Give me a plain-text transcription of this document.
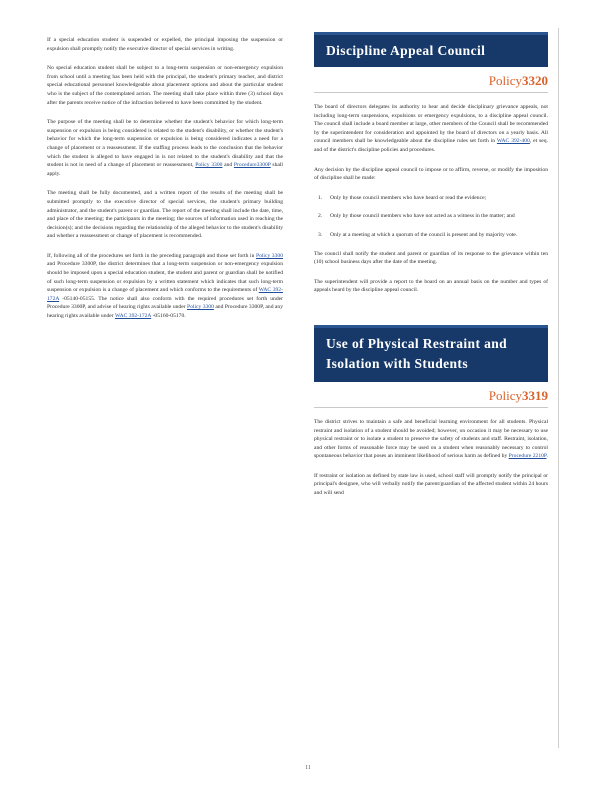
If a special education student is suspended or expelled, the principal imposing the suspension or expulsion shall promptly notify the executive director of special services in writing.

No special education student shall be subject to a long-term suspension or non-emergency expulsion from school until a meeting has been held with the principal, the student's primary teacher, and district special educational personnel knowledgeable about placement options and about the particular student who is the subject of the contemplated action. The meeting shall take place within three (3) school days after the parents receive notice of the infraction believed to have been committed by the student.

The purpose of the meeting shall be to determine whether the student's behavior for which long-term suspension or expulsion is being considered is related to the student's disability, or whether the student's behavior for which the long-term suspension or expulsion is being considered indicates a need for a change of placement or a reassessment. If the staffing process leads to the conclusion that the behavior which the student is alleged to have engaged in is not related to the student's disability and that the student is not in need of a change of placement or reassessment, Policy 3300 and Procedure3300P shall apply.

The meeting shall be fully documented, and a written report of the results of the meeting shall be submitted promptly to the executive director of special services, the student's primary building administrator, and the student's parent or guardian. The report of the meeting shall include the date, time, and place of the meeting; the participants in the meeting; the sources of information used in reaching the decision(s); and the decisions regarding the relationship of the alleged behavior to the student's disability and whether a reassessment or change of placement is recommended.

If, following all of the procedures set forth in the preceding paragraph and those set forth in Policy 3300 and Procedure 3300P, the district determines that a long-term suspension or non-emergency expulsion should be imposed upon a special education student, the student and parent or guardian shall be notified of such long-term suspension or expulsion by a written statement which indicates that such long-term suspension or expulsion is a change of placement and which conforms to the requirements of WAC 392-172A -05140-05155. The notice shall also conform with the required procedures set forth under Procedure 3300P, and advise of hearing rights available under Policy 3300 and Procedure 3300P, and any hearing rights available under WAC 392-172A -05160-05170.

Discipline Appeal Council
Policy3320

The board of directors delegates its authority to hear and decide disciplinary grievance appeals, not including long-term suspensions, expulsions or emergency expulsions, to a discipline appeal council. The council shall include a board member at large, other members of the Council shall be recommended by the superintendent for consideration and appointed by the board of directors on a yearly basis. All council members shall be knowledgeable about the discipline rules set forth in WAC 392-400, et seq. and of the district's discipline policies and procedures.

Any decision by the discipline appeal council to impose or to affirm, reverse, or modify the imposition of discipline shall be made:

1. Only by those council members who have heard or read the evidence;
2. Only by those council members who have not acted as a witness in the matter; and
3. Only at a meeting at which a quorum of the council is present and by majority vote.

The council shall notify the student and parent or guardian of its response to the grievance within ten (10) school business days after the date of the meeting.

The superintendent will provide a report to the board on an annual basis on the number and types of appeals heard by the discipline appeal council.

Use of Physical Restraint and
Isolation with Students
Policy3319

The district strives to maintain a safe and beneficial learning environment for all students. Physical restraint and isolation of a student should be avoided; however, on occasion it may be necessary to use physical restraint or to isolate a student to preserve the safety of students and staff. Restraint, isolation, and other forms of reasonable force may be used on a student when reasonably necessary to control spontaneous behavior that poses an imminent likelihood of serious harm as defined by Procedure 2210P.

If restraint or isolation as defined by state law is used, school staff will promptly notify the principal or principal's designee, who will verbally notify the parent/guardian of the affected student within 24 hours and will send

11
